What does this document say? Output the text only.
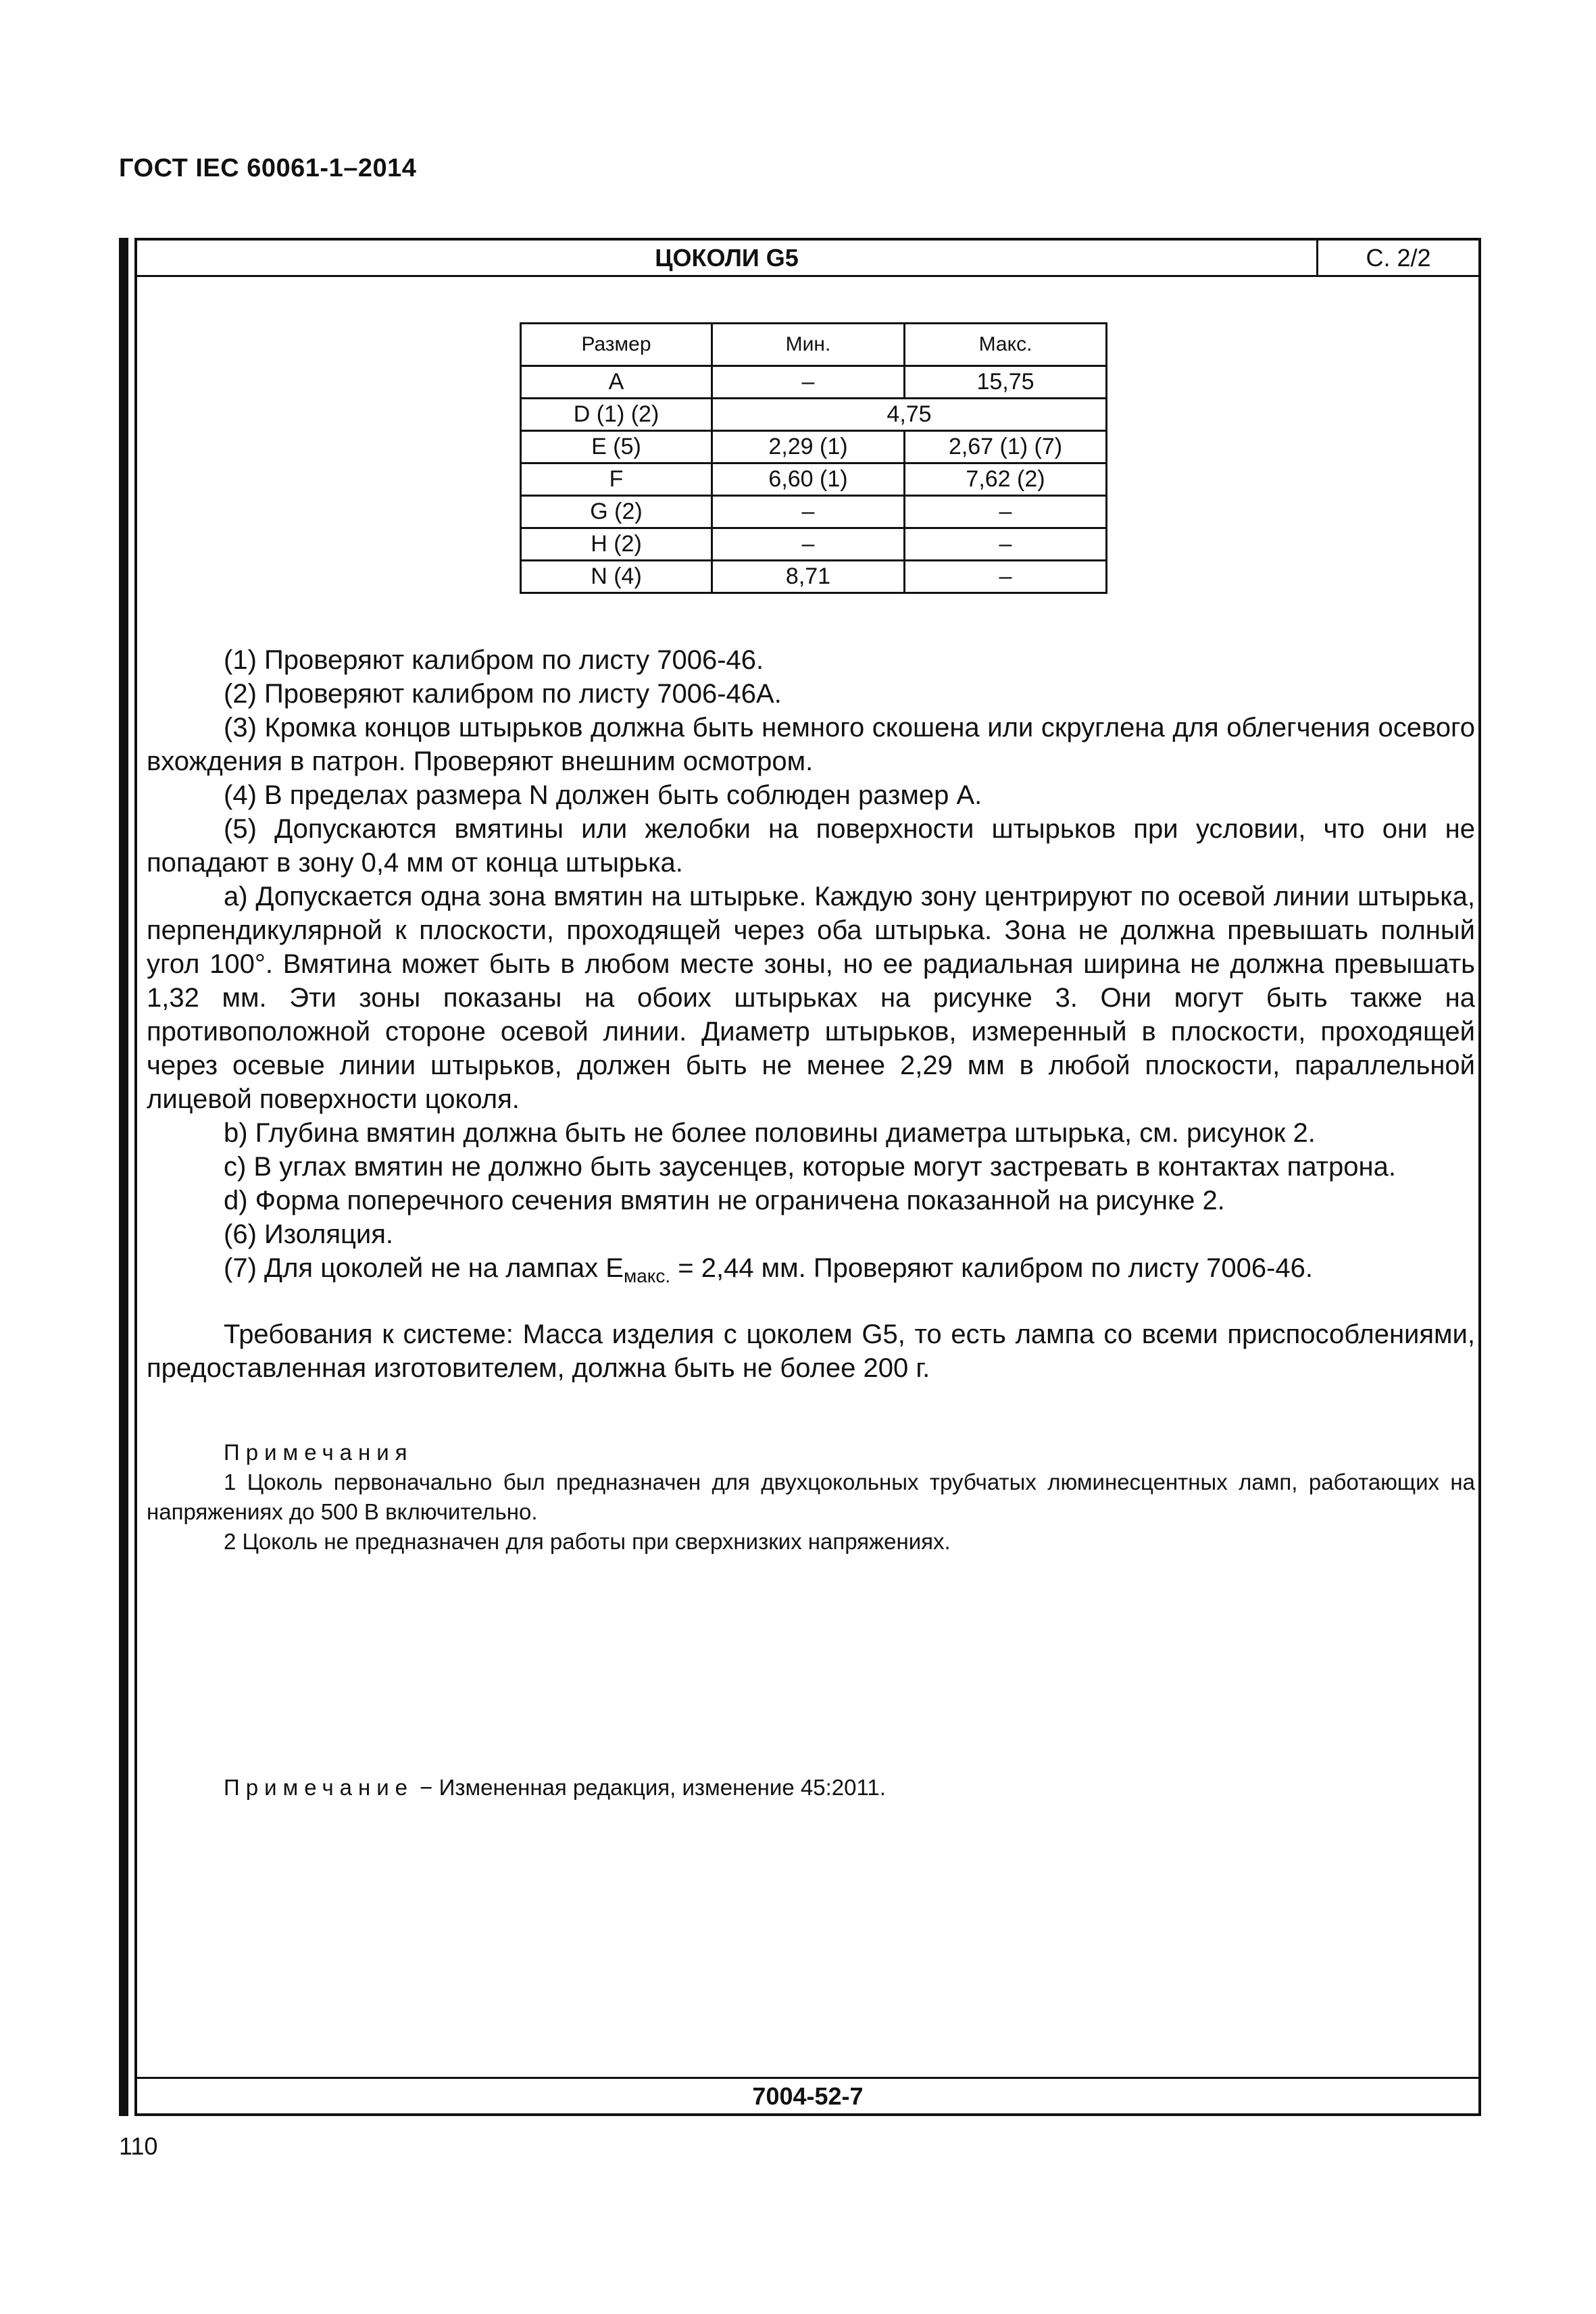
ГОСТ IEC 60061-1–2014
ЦОКОЛИ G5	С. 2/2
Размер	Мин.	Макс.
A	–	15,75
D (1) (2)	4,75	
E (5)	2,29 (1)	2,67 (1) (7)
F	6,60 (1)	7,62 (2)
G (2)	–	–
H (2)	–	–
N (4)	8,71	–

(1) Проверяют калибром по листу 7006-46.

(2) Проверяют калибром по листу 7006-46А.

(3) Кромка концов штырьков должна быть немного скошена или скруглена для облегчения осевого вхождения в патрон. Проверяют внешним осмотром.

(4) В пределах размера N должен быть соблюден размер А.

(5) Допускаются вмятины или желобки на поверхности штырьков при условии, что они не попадают в зону 0,4 мм от конца штырька.

а) Допускается одна зона вмятин на штырьке. Каждую зону центрируют по осевой линии штырька, перпендикулярной к плоскости, проходящей через оба штырька. Зона не должна превышать полный угол 100°. Вмятина может быть в любом месте зоны, но ее радиальная ширина не должна превышать 1,32 мм. Эти зоны показаны на обоих штырьках на рисунке 3. Они могут быть также на противоположной стороне осевой линии. Диаметр штырьков, измеренный в плоскости, проходящей через осевые линии штырьков, должен быть не менее 2,29 мм в любой плоскости, параллельной лицевой поверхности цоколя.

b) Глубина вмятин должна быть не более половины диаметра штырька, см. рисунок 2.

с) В углах вмятин не должно быть заусенцев, которые могут застревать в контактах патрона.

d) Форма поперечного сечения вмятин не ограничена показанной на рисунке 2.

(6) Изоляция.

(7) Для цоколей не на лампах $E_{макс.} = 2,44$ мм. Проверяют калибром по листу 7006-46.

Требования к системе: Масса изделия с цоколем G5, то есть лампа со всеми приспособлениями, предоставленная изготовителем, должна быть не более 200 г.

Примечания

1 Цоколь первоначально был предназначен для двухцокольных трубчатых люминесцентных ламп, работающих на напряжениях до 500 В включительно.

2 Цоколь не предназначен для работы при сверхнизких напряжениях.

Примечание − Измененная редакция, изменение 45:2011.
7004-52-7
110
